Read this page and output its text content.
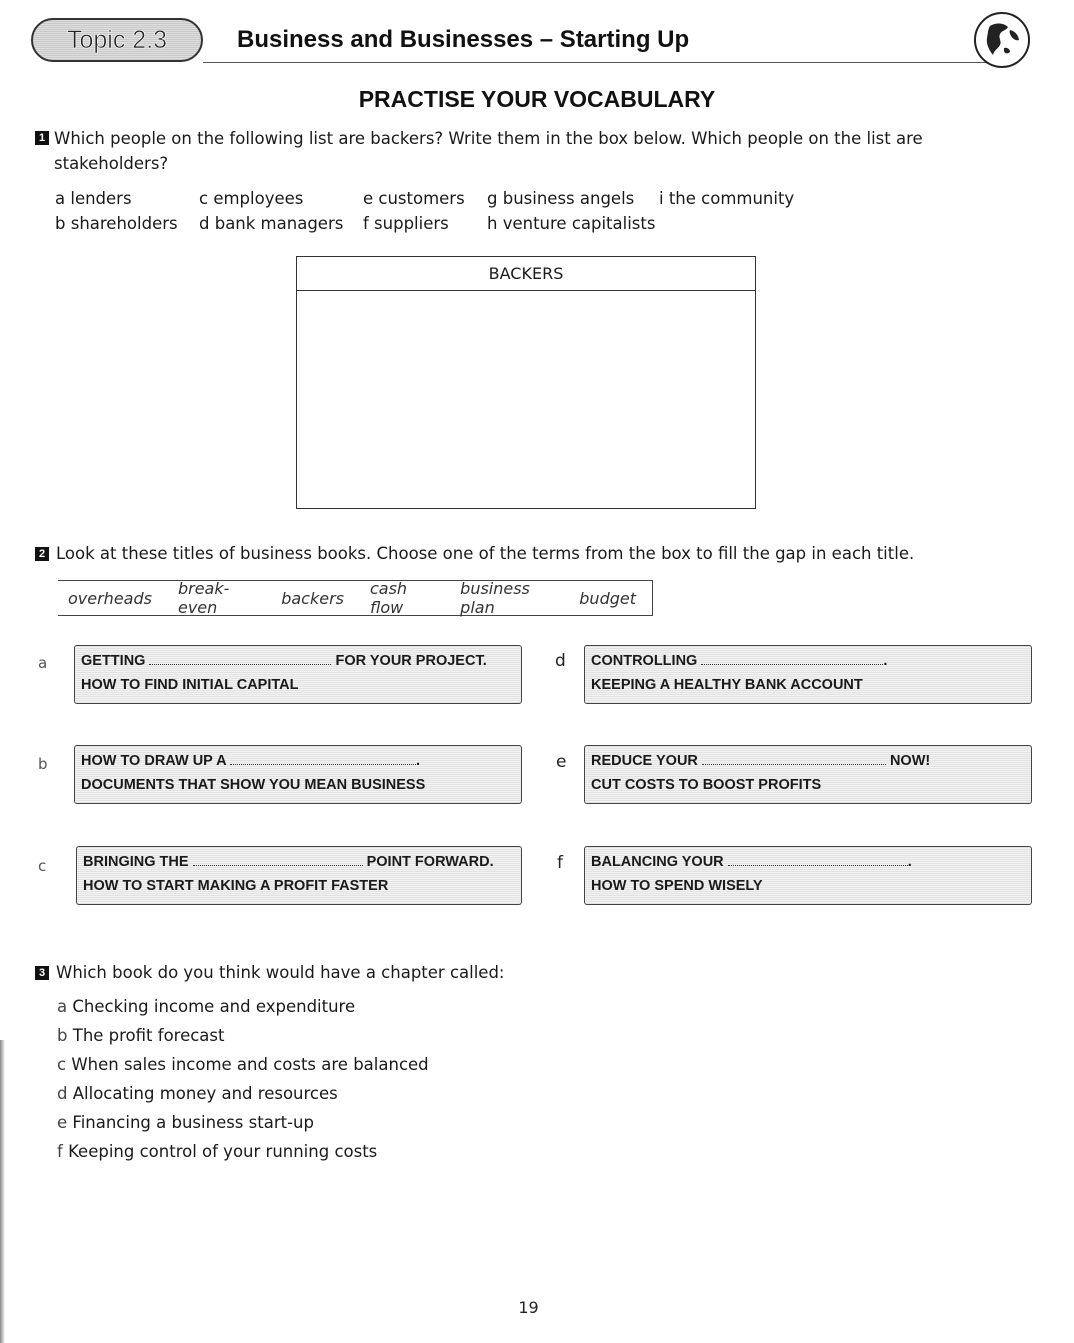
Topic 2.3	Business and Businesses – Starting Up
PRACTISE YOUR VOCABULARY
1 Which people on the following list are backers? Write them in the box below. Which people on the list are
stakeholders?
a lenders
b shareholders
c employees
d bank managers
e customers
f suppliers
g business angels
h venture capitalists
i the community
BACKERS
2 Look at these titles of business books. Choose one of the terms from the box to fill the gap in each title.
overheads break-even	backers cash flow
business plan	budget
a GETTING	FOR YOUR PROJECT.
HOW TO FIND INITIAL CAPITAL
d CONTROLLING	.
KEEPING A HEALTHY BANK ACCOUNT
b HOW TO DRAW UP A	.
DOCUMENTS THAT SHOW YOU MEAN BUSINESS
e REDUCE YOUR	NOW!
CUT COSTS TO BOOST PROFITS
c	BRINGING THE	POINT FORWARD.
HOW TO START MAKING A PROFIT FASTER
f BALANCING YOUR	.
HOW TO SPEND WISELY
3 Which book do you think would have a chapter called:
a Checking income and expenditure
b The profit forecast
c When sales income and costs are balanced
d Allocating money and resources
e Financing a business start-up
f Keeping control of your running costs
19
